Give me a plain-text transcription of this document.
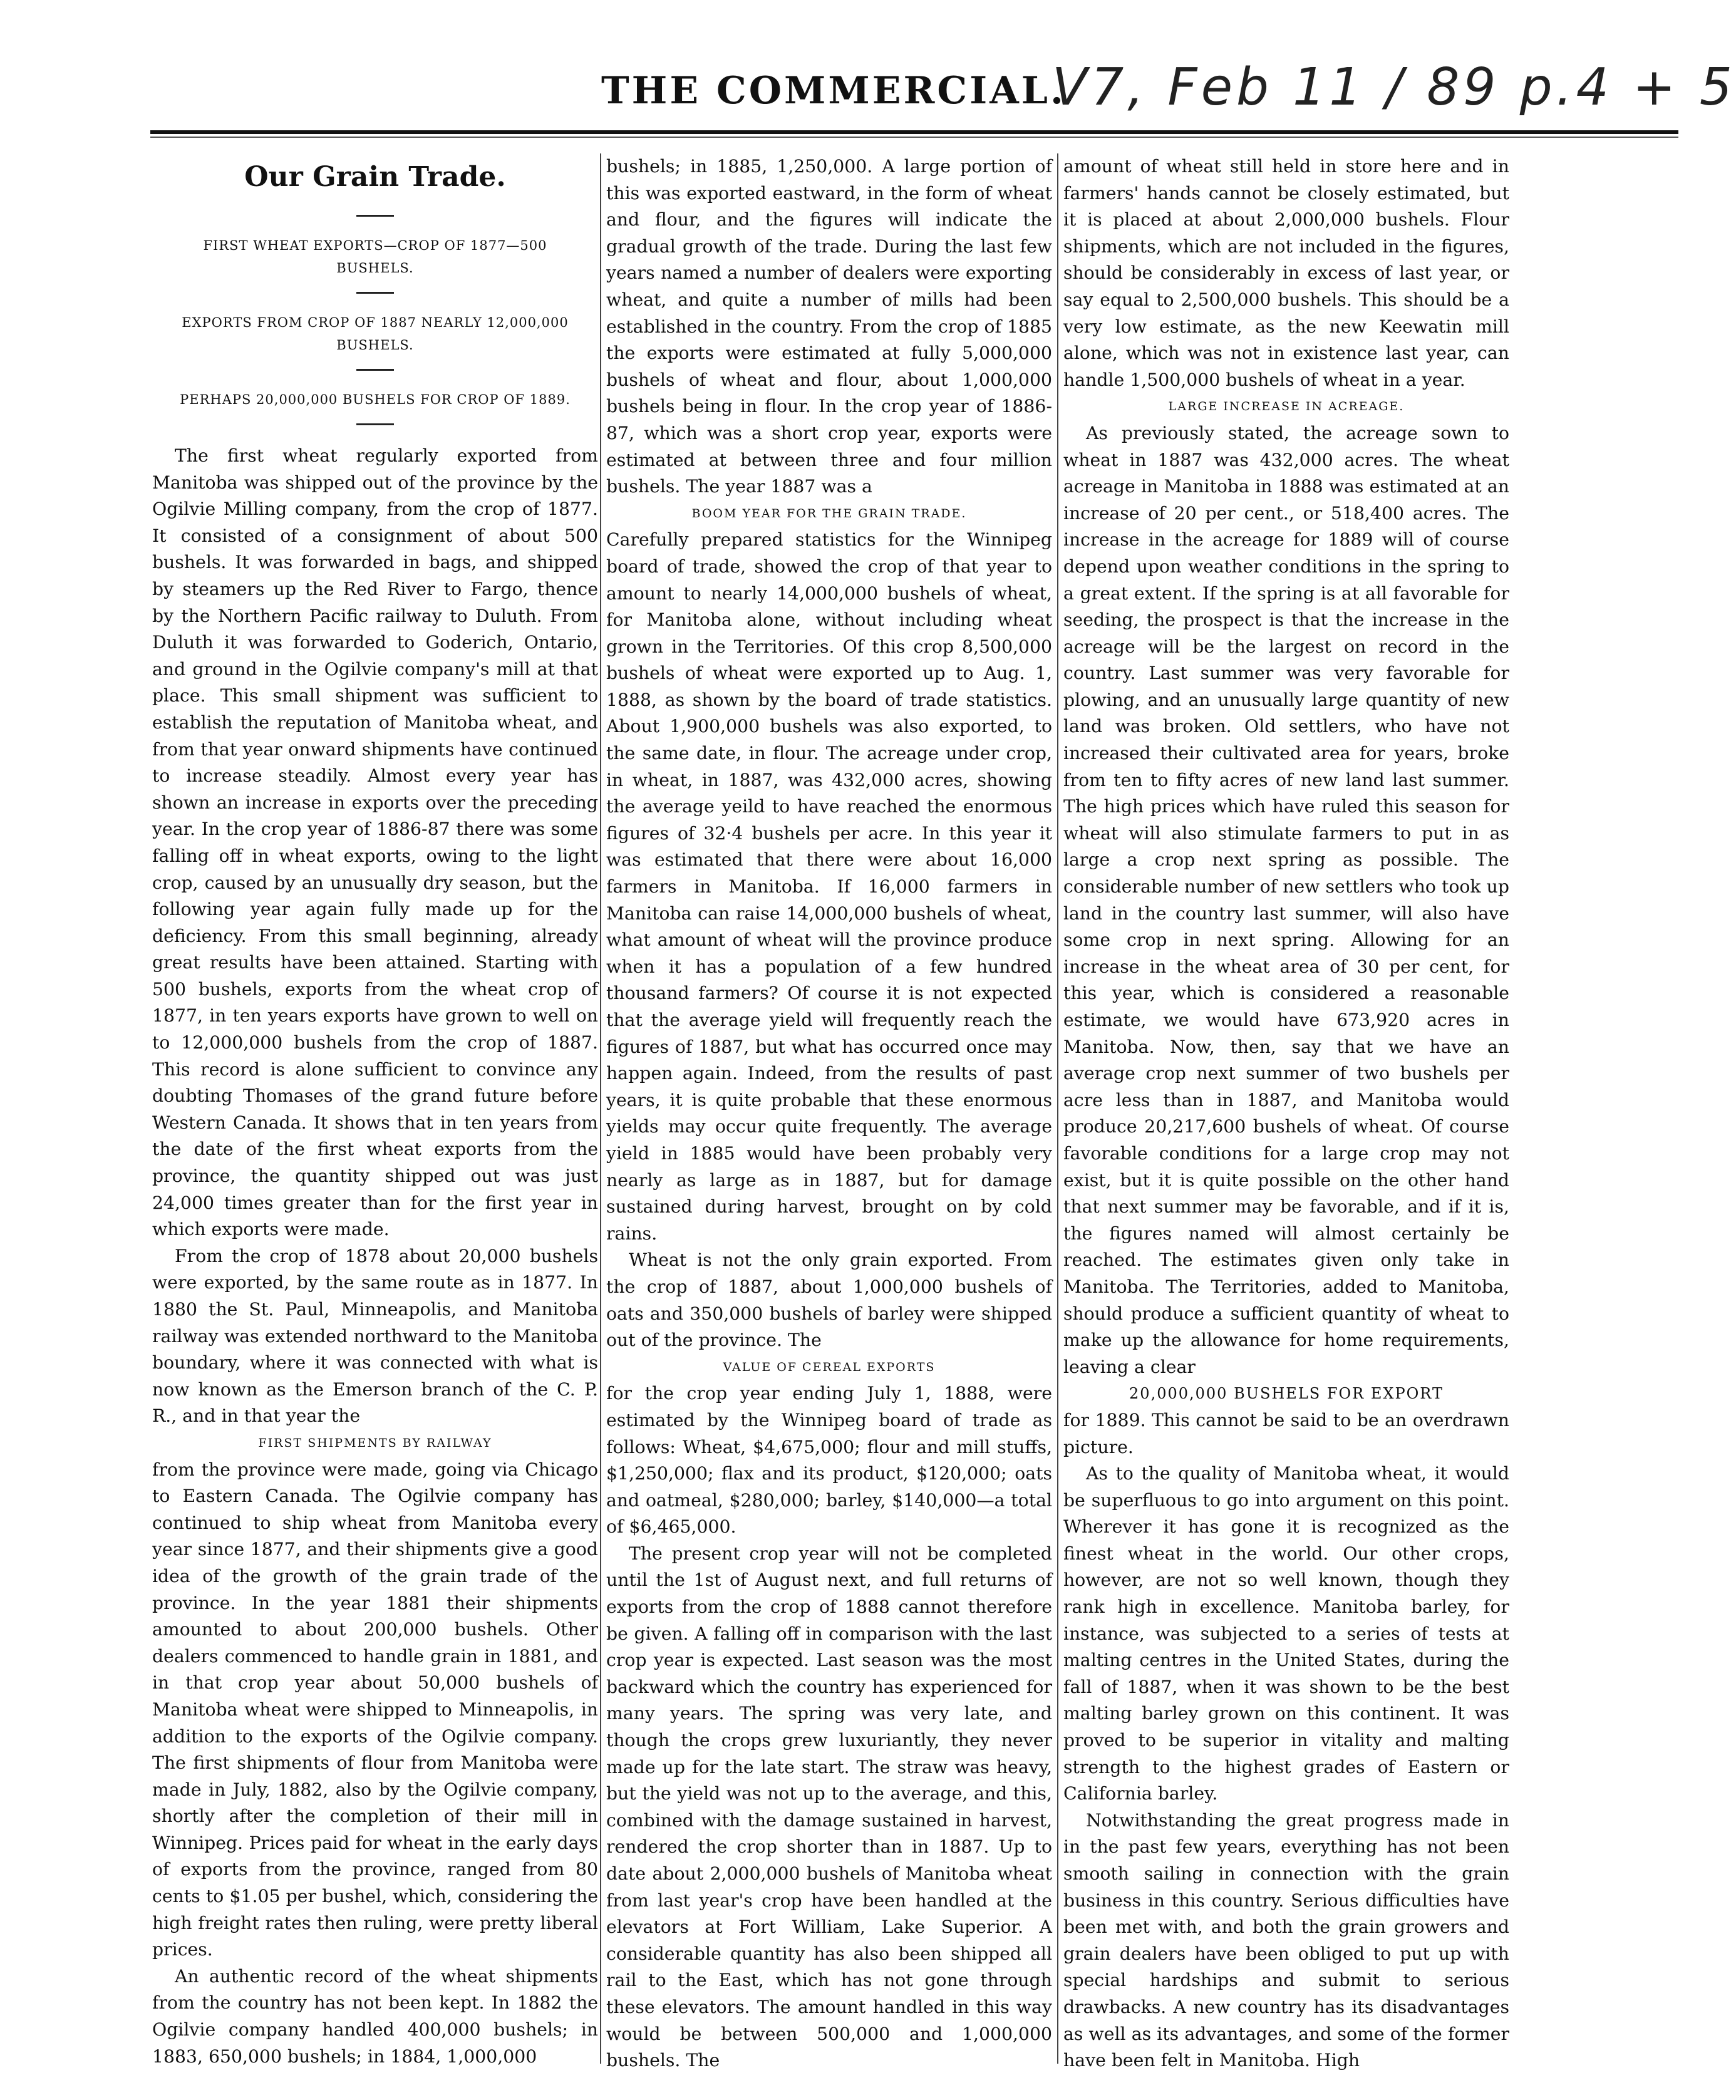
THE COMMERCIAL.
V7, Feb 11 / 89 p.4 + 5
Our Grain Trade.
FIRST WHEAT EXPORTS—CROP OF 1877—500 BUSHELS.
EXPORTS FROM CROP OF 1887 NEARLY 12,000,000 BUSHELS.
PERHAPS 20,000,000 BUSHELS FOR CROP OF 1889.

The first wheat regularly exported from Manitoba was shipped out of the province by the Ogilvie Milling company, from the crop of 1877. It consisted of a consignment of about 500 bushels. It was forwarded in bags, and shipped by steamers up the Red River to Fargo, thence by the Northern Pacific railway to Duluth. From Duluth it was forwarded to Goderich, Ontario, and ground in the Ogilvie company's mill at that place. This small shipment was sufficient to establish the reputation of Manitoba wheat, and from that year onward shipments have continued to increase steadily. Almost every year has shown an increase in exports over the preceding year. In the crop year of 1886-87 there was some falling off in wheat exports, owing to the light crop, caused by an unusually dry season, but the following year again fully made up for the deficiency. From this small beginning, already great results have been attained. Starting with 500 bushels, exports from the wheat crop of 1877, in ten years exports have grown to well on to 12,000,000 bushels from the crop of 1887. This record is alone sufficient to convince any doubting Thomases of the grand future before Western Canada. It shows that in ten years from the date of the first wheat exports from the province, the quantity shipped out was just 24,000 times greater than for the first year in which exports were made.

From the crop of 1878 about 20,000 bushels were exported, by the same route as in 1877. In 1880 the St. Paul, Minneapolis, and Manitoba railway was extended northward to the Manitoba boundary, where it was connected with what is now known as the Emerson branch of the C. P. R., and in that year the

FIRST SHIPMENTS BY RAILWAY

from the province were made, going via Chicago to Eastern Canada. The Ogilvie company has continued to ship wheat from Manitoba every year since 1877, and their shipments give a good idea of the growth of the grain trade of the province. In the year 1881 their shipments amounted to about 200,000 bushels. Other dealers commenced to handle grain in 1881, and in that crop year about 50,000 bushels of Manitoba wheat were shipped to Minneapolis, in addition to the exports of the Ogilvie company. The first shipments of flour from Manitoba were made in July, 1882, also by the Ogilvie company, shortly after the completion of their mill in Winnipeg. Prices paid for wheat in the early days of exports from the province, ranged from 80 cents to $1.05 per bushel, which, considering the high freight rates then ruling, were pretty liberal prices.

An authentic record of the wheat shipments from the country has not been kept. In 1882 the Ogilvie company handled 400,000 bushels; in 1883, 650,000 bushels; in 1884, 1,000,000

bushels; in 1885, 1,250,000. A large portion of this was exported eastward, in the form of wheat and flour, and the figures will indicate the gradual growth of the trade. During the last few years named a number of dealers were exporting wheat, and quite a number of mills had been established in the country. From the crop of 1885 the exports were estimated at fully 5,000,000 bushels of wheat and flour, about 1,000,000 bushels being in flour. In the crop year of 1886-87, which was a short crop year, exports were estimated at between three and four million bushels. The year 1887 was a

BOOM YEAR FOR THE GRAIN TRADE.

Carefully prepared statistics for the Winnipeg board of trade, showed the crop of that year to amount to nearly 14,000,000 bushels of wheat, for Manitoba alone, without including wheat grown in the Territories. Of this crop 8,500,000 bushels of wheat were exported up to Aug. 1, 1888, as shown by the board of trade statistics. About 1,900,000 bushels was also exported, to the same date, in flour. The acreage under crop, in wheat, in 1887, was 432,000 acres, showing the average yeild to have reached the enormous figures of 32·4 bushels per acre. In this year it was estimated that there were about 16,000 farmers in Manitoba. If 16,000 farmers in Manitoba can raise 14,000,000 bushels of wheat, what amount of wheat will the province produce when it has a population of a few hundred thousand farmers? Of course it is not expected that the average yield will frequently reach the figures of 1887, but what has occurred once may happen again. Indeed, from the results of past years, it is quite probable that these enormous yields may occur quite frequently. The average yield in 1885 would have been probably very nearly as large as in 1887, but for damage sustained during harvest, brought on by cold rains.

Wheat is not the only grain exported. From the crop of 1887, about 1,000,000 bushels of oats and 350,000 bushels of barley were shipped out of the province. The

VALUE OF CEREAL EXPORTS

for the crop year ending July 1, 1888, were estimated by the Winnipeg board of trade as follows: Wheat, $4,675,000; flour and mill stuffs, $1,250,000; flax and its product, $120,000; oats and oatmeal, $280,000; barley, $140,000—a total of $6,465,000.

The present crop year will not be completed until the 1st of August next, and full returns of exports from the crop of 1888 cannot therefore be given. A falling off in comparison with the last crop year is expected. Last season was the most backward which the country has experienced for many years. The spring was very late, and though the crops grew luxuriantly, they never made up for the late start. The straw was heavy, but the yield was not up to the average, and this, combined with the damage sustained in harvest, rendered the crop shorter than in 1887. Up to date about 2,000,000 bushels of Manitoba wheat from last year's crop have been handled at the elevators at Fort William, Lake Superior. A considerable quantity has also been shipped all rail to the East, which has not gone through these elevators. The amount handled in this way would be between 500,000 and 1,000,000 bushels. The

amount of wheat still held in store here and in farmers' hands cannot be closely estimated, but it is placed at about 2,000,000 bushels. Flour shipments, which are not included in the figures, should be considerably in excess of last year, or say equal to 2,500,000 bushels. This should be a very low estimate, as the new Keewatin mill alone, which was not in existence last year, can handle 1,500,000 bushels of wheat in a year.

LARGE INCREASE IN ACREAGE.

As previously stated, the acreage sown to wheat in 1887 was 432,000 acres. The wheat acreage in Manitoba in 1888 was estimated at an increase of 20 per cent., or 518,400 acres. The increase in the acreage for 1889 will of course depend upon weather conditions in the spring to a great extent. If the spring is at all favorable for seeding, the prospect is that the increase in the acreage will be the largest on record in the country. Last summer was very favorable for plowing, and an unusually large quantity of new land was broken. Old settlers, who have not increased their cultivated area for years, broke from ten to fifty acres of new land last summer. The high prices which have ruled this season for wheat will also stimulate farmers to put in as large a crop next spring as possible. The considerable number of new settlers who took up land in the country last summer, will also have some crop in next spring. Allowing for an increase in the wheat area of 30 per cent, for this year, which is considered a reasonable estimate, we would have 673,920 acres in Manitoba. Now, then, say that we have an average crop next summer of two bushels per acre less than in 1887, and Manitoba would produce 20,217,600 bushels of wheat. Of course favorable conditions for a large crop may not exist, but it is quite possible on the other hand that next summer may be favorable, and if it is, the figures named will almost certainly be reached. The estimates given only take in Manitoba. The Territories, added to Manitoba, should produce a sufficient quantity of wheat to make up the allowance for home requirements, leaving a clear

20,000,000 BUSHELS FOR EXPORT

for 1889. This cannot be said to be an overdrawn picture.

As to the quality of Manitoba wheat, it would be superfluous to go into argument on this point. Wherever it has gone it is recognized as the finest wheat in the world. Our other crops, however, are not so well known, though they rank high in excellence. Manitoba barley, for instance, was subjected to a series of tests at malting centres in the United States, during the fall of 1887, when it was shown to be the best malting barley grown on this continent. It was proved to be superior in vitality and malting strength to the highest grades of Eastern or California barley.

Notwithstanding the great progress made in in the past few years, everything has not been smooth sailing in connection with the grain business in this country. Serious difficulties have been met with, and both the grain growers and grain dealers have been obliged to put up with special hardships and submit to serious drawbacks. A new country has its disadvantages as well as its advantages, and some of the former have been felt in Manitoba. High
